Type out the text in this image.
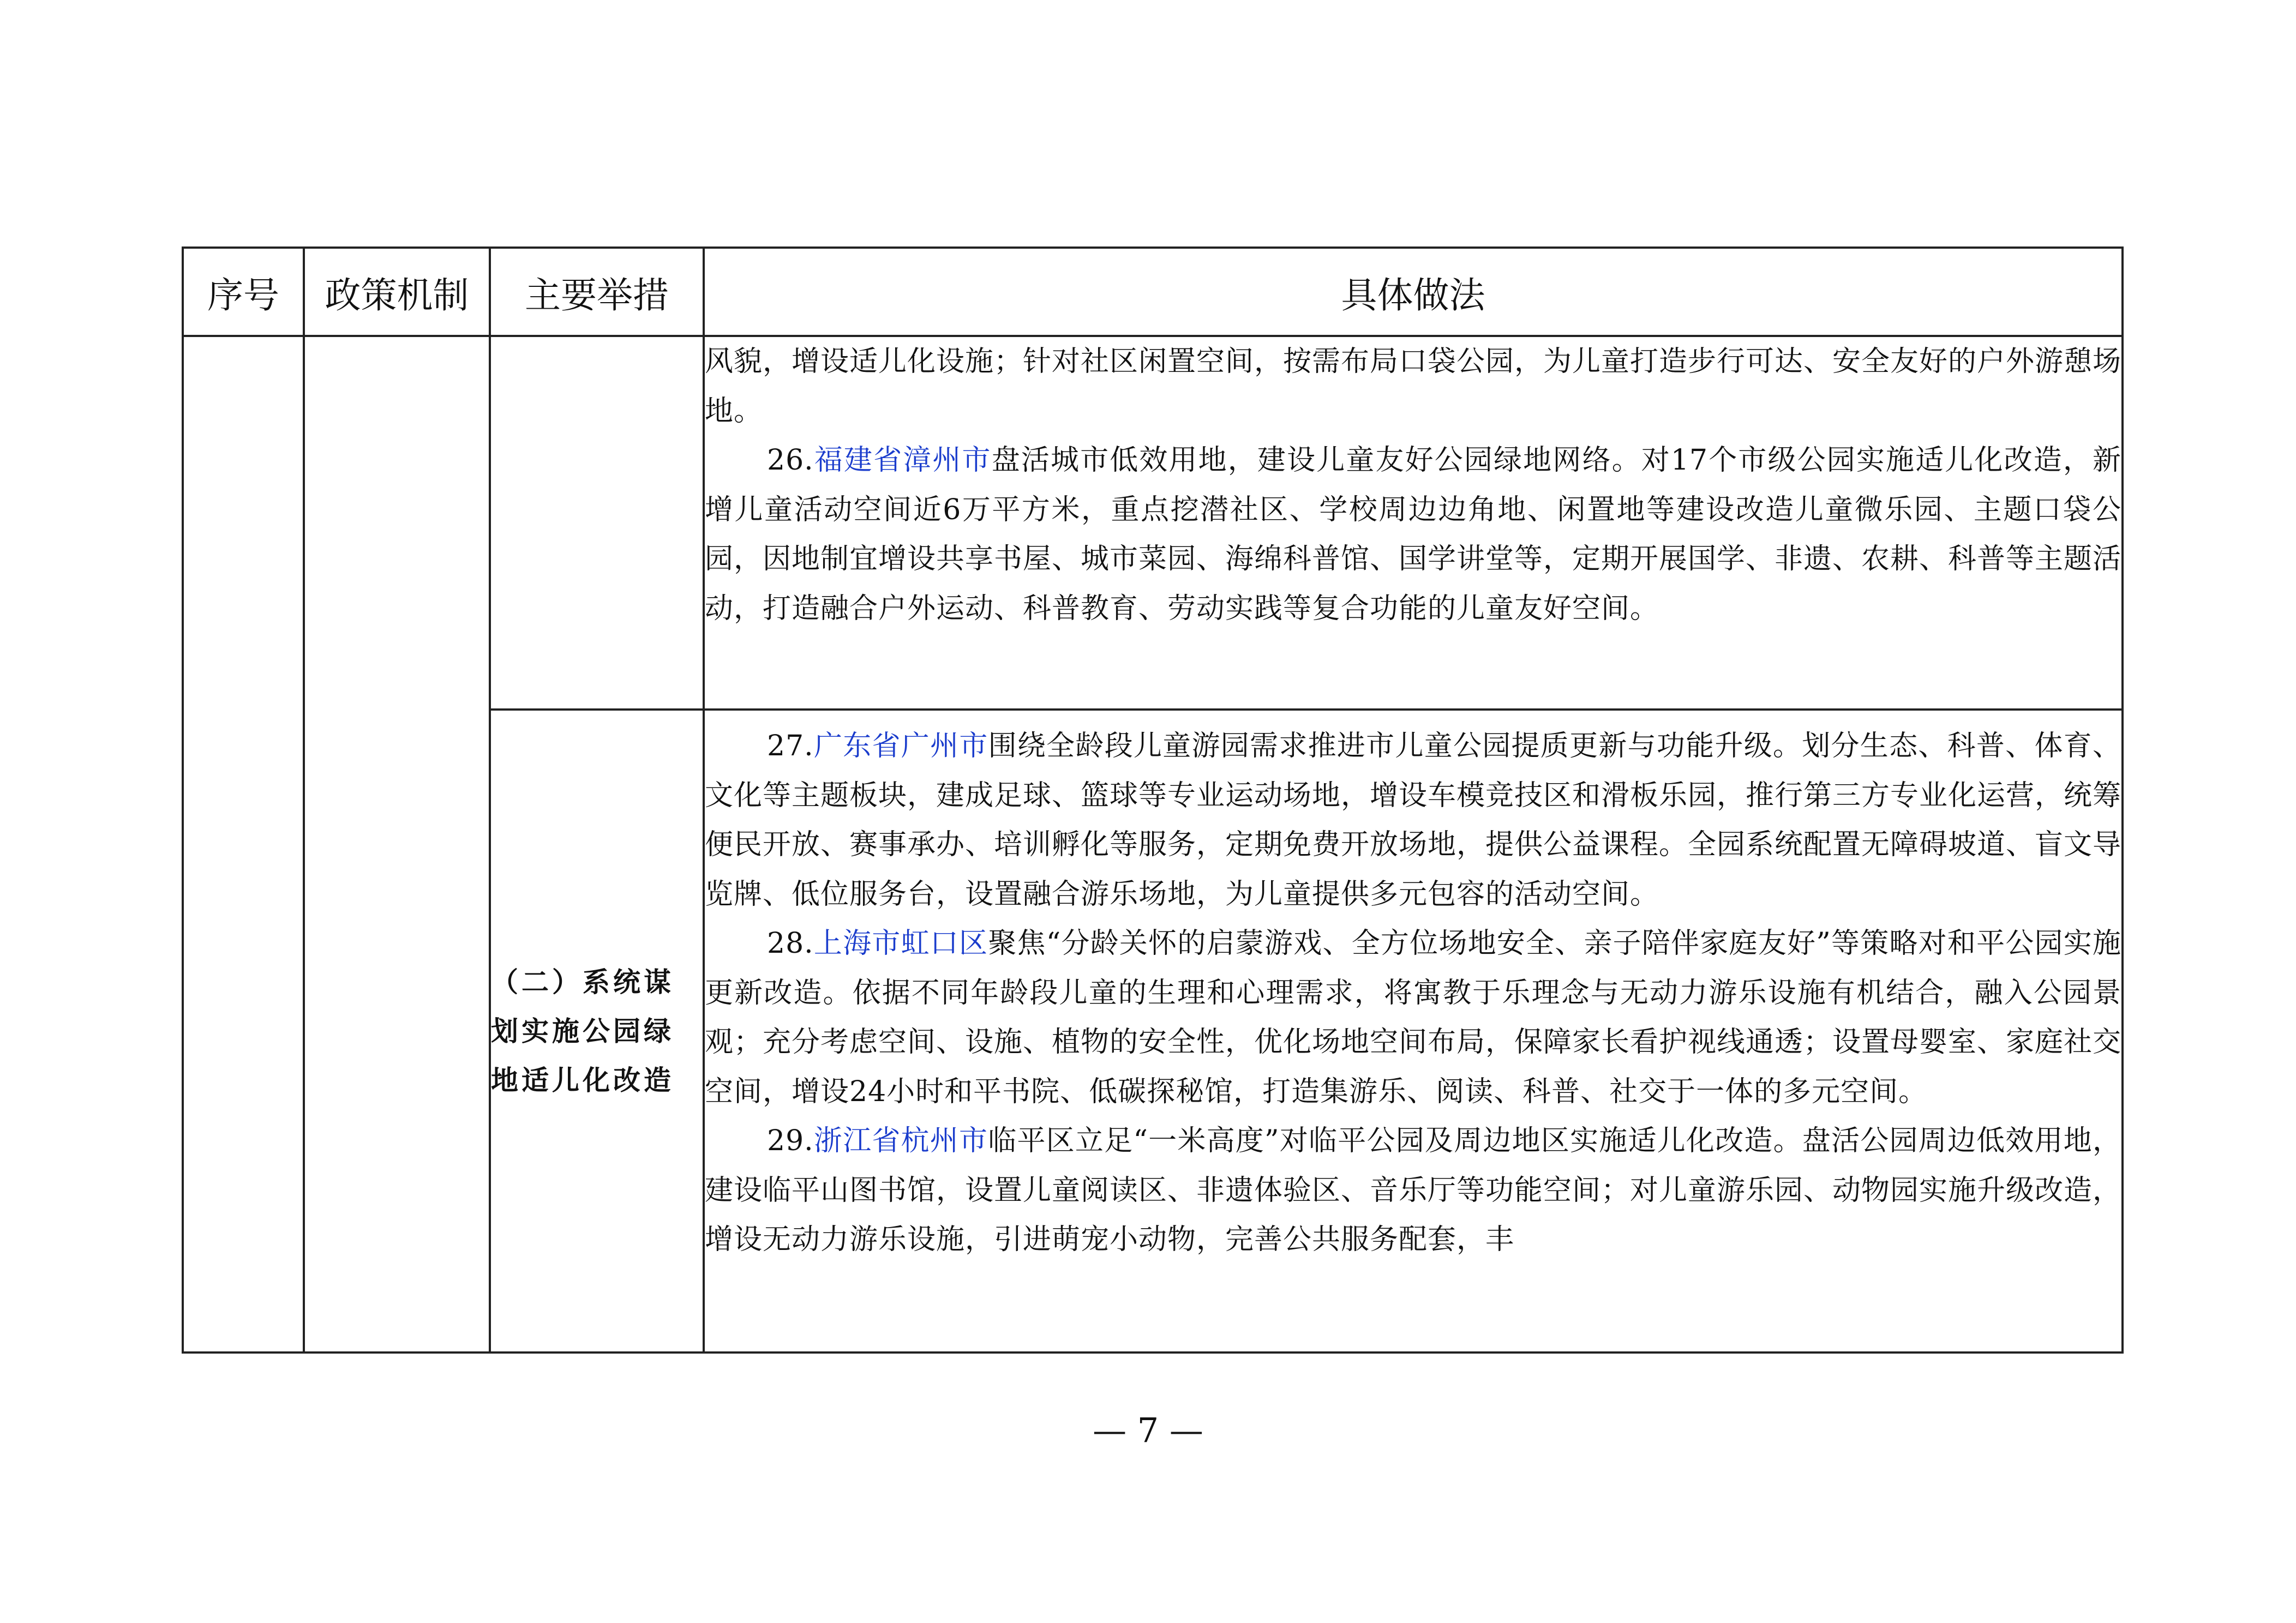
序号	政策机制	主要举措	具体做法

			风貌，增设适儿化设施；针对社区闲置空间，按需布局口袋公园，为儿童打造步行可达、安全友好的户外游憩场地。

26.福建省漳州市盘活城市低效用地，建设儿童友好公园绿地网络。对17个市级公园实施适儿化改造，新增儿童活动空间近6万平方米，重点挖潜社区、学校周边边角地、闲置地等建设改造儿童微乐园、主题口袋公园，因地制宜增设共享书屋、城市菜园、海绵科普馆、国学讲堂等，定期开展国学、非遗、农耕、科普等主题活动，打造融合户外运动、科普教育、劳动实践等复合功能的儿童友好空间。

		（二）系统谋划实施公园绿地适儿化改造	27.广东省广州市围绕全龄段儿童游园需求推进市儿童公园提质更新与功能升级。划分生态、科普、体育、文化等主题板块，建成足球、篮球等专业运动场地，增设车模竞技区和滑板乐园，推行第三方专业化运营，统筹便民开放、赛事承办、培训孵化等服务，定期免费开放场地，提供公益课程。全园系统配置无障碍坡道、盲文导览牌、低位服务台，设置融合游乐场地，为儿童提供多元包容的活动空间。

28.上海市虹口区聚焦“分龄关怀的启蒙游戏、全方位场地安全、亲子陪伴家庭友好”等策略对和平公园实施更新改造。依据不同年龄段儿童的生理和心理需求，将寓教于乐理念与无动力游乐设施有机结合，融入公园景观；充分考虑空间、设施、植物的安全性，优化场地空间布局，保障家长看护视线通透；设置母婴室、家庭社交空间，增设24小时和平书院、低碳探秘馆，打造集游乐、阅读、科普、社交于一体的多元空间。

29.浙江省杭州市临平区立足“一米高度”对临平公园及周边地区实施适儿化改造。盘活公园周边低效用地，建设临平山图书馆，设置儿童阅读区、非遗体验区、音乐厅等功能空间；对儿童游乐园、动物园实施升级改造，增设无动力游乐设施，引进萌宠小动物，完善公共服务配套，丰

— 7 —
